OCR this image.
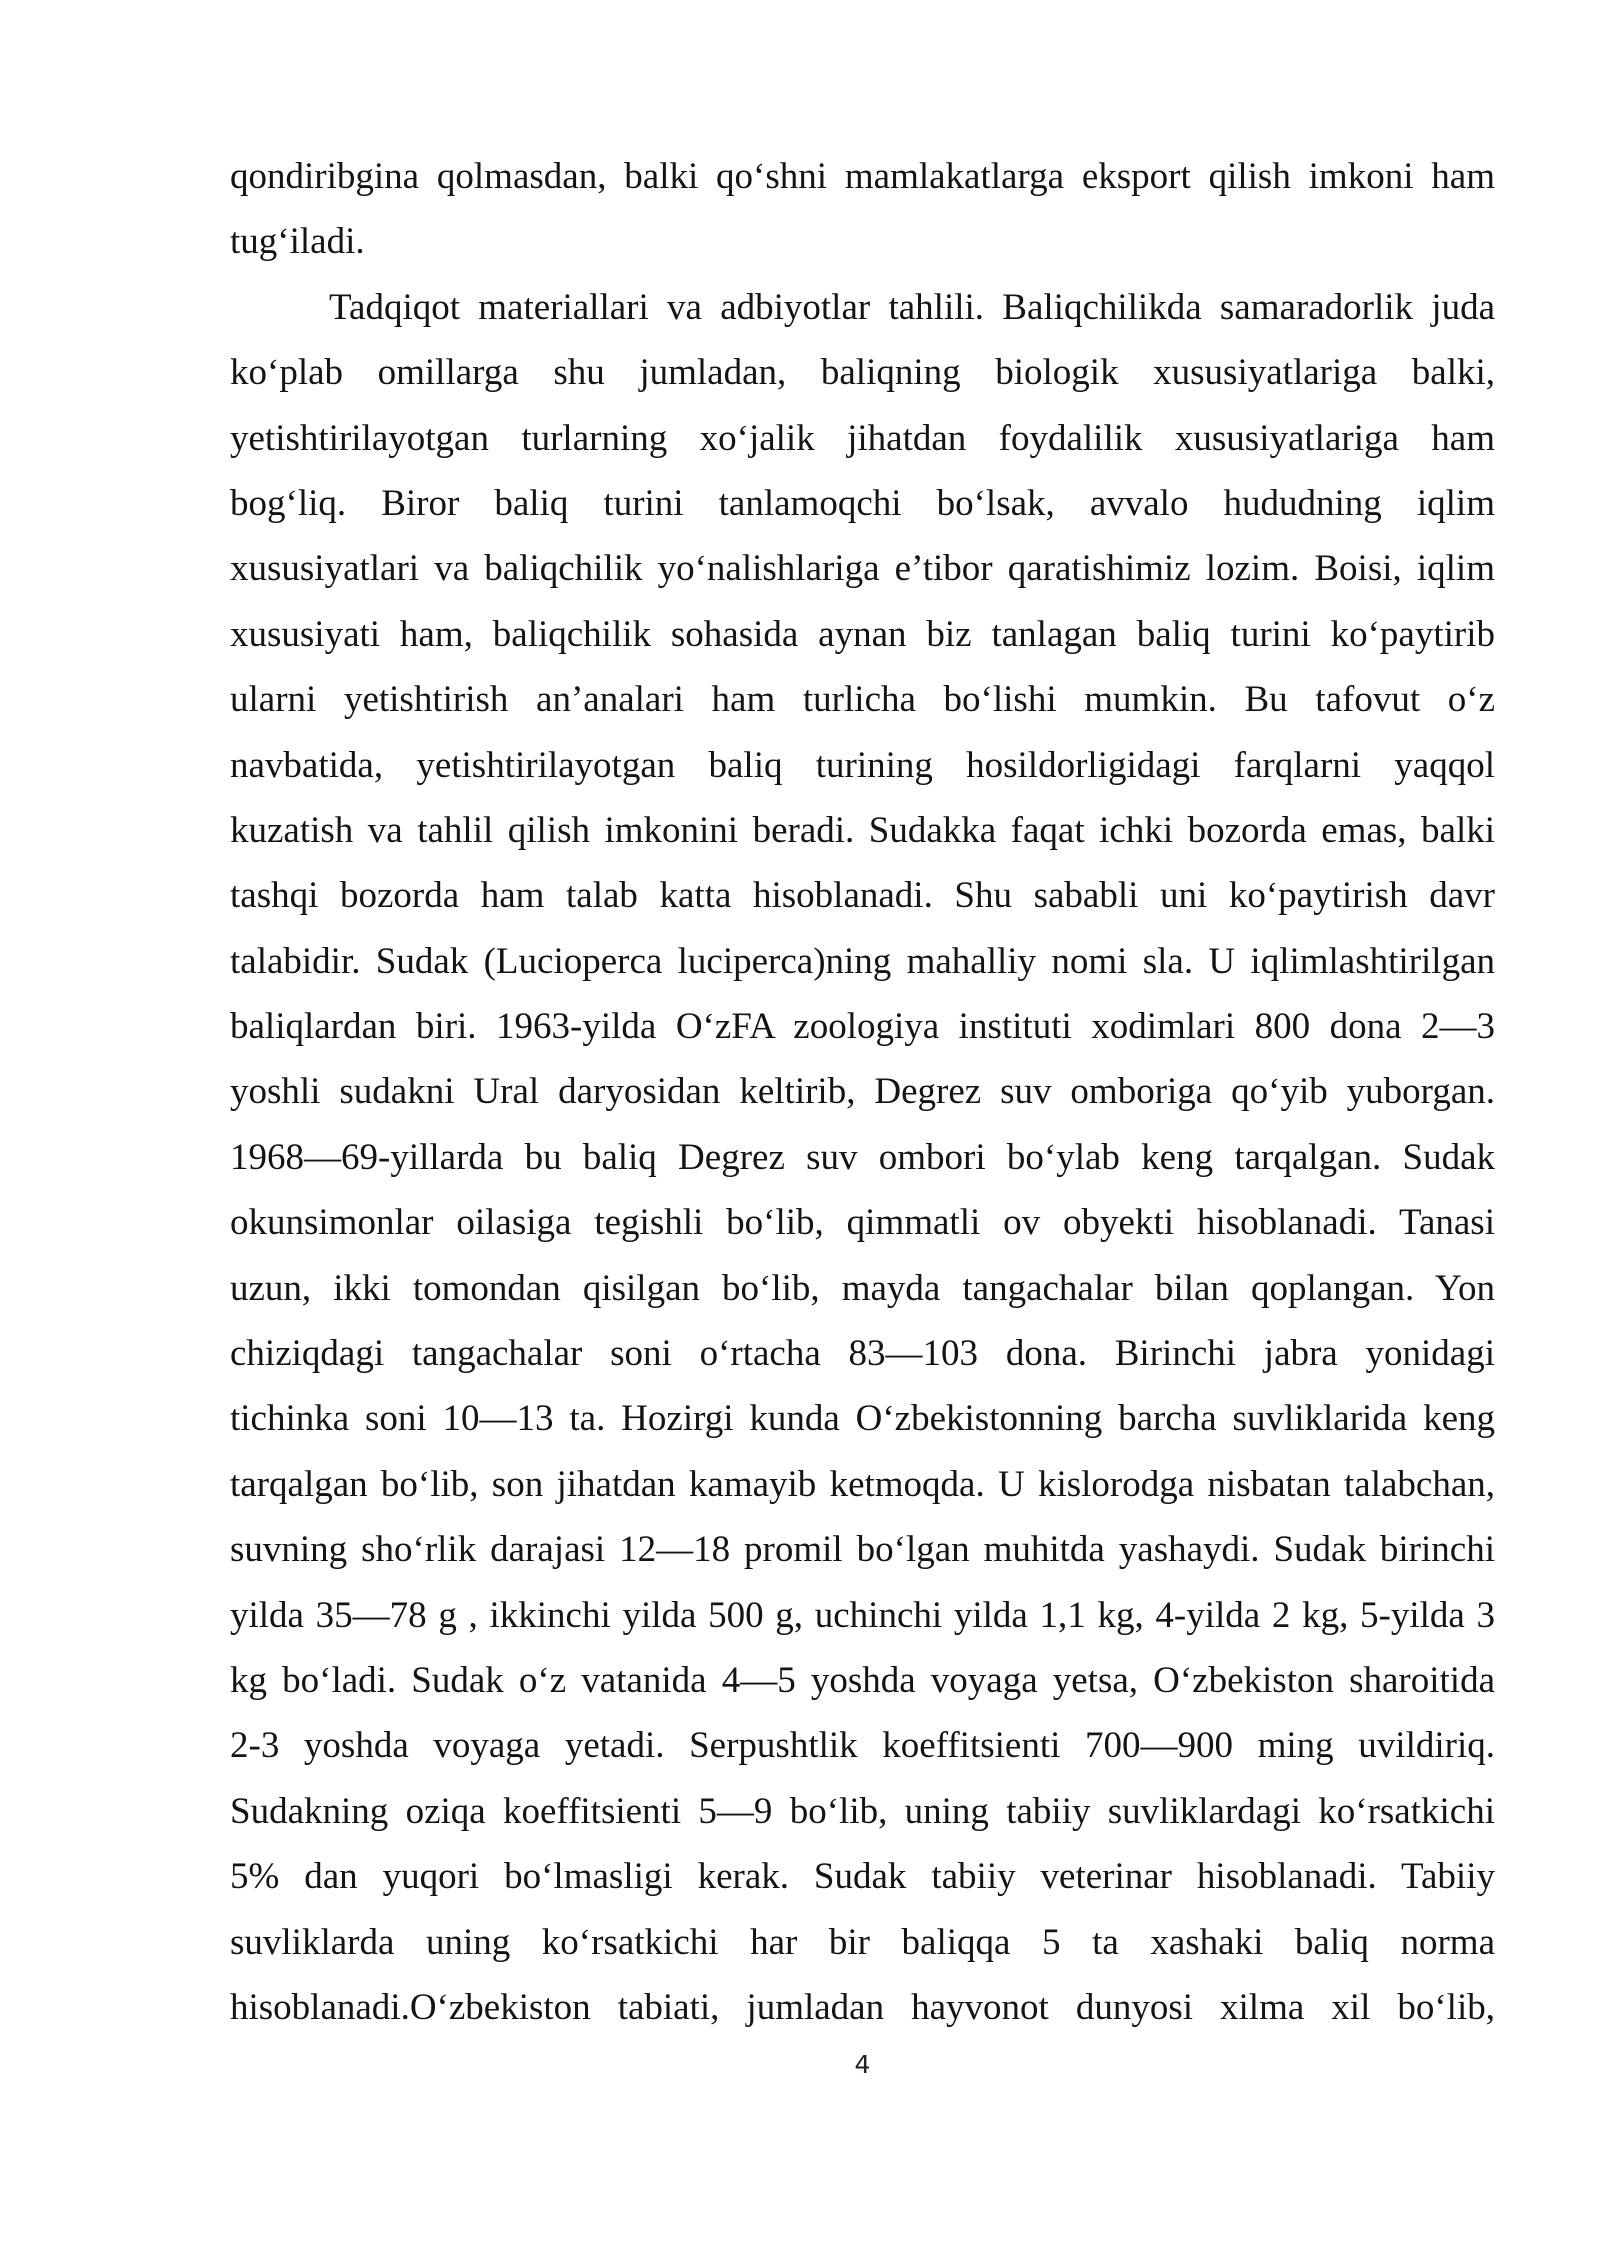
qondiribgina qolmasdan, balki qo‘shni mamlakatlarga eksport qilish imkoni ham
tug‘iladi.
Tadqiqot materiallari va adbiyotlar tahlili. Baliqchilikda samaradorlik juda
ko‘plab omillarga shu jumladan, baliqning biologik xususiyatlariga balki,
yetishtirilayotgan turlarning xo‘jalik jihatdan foydalilik xususiyatlariga ham
bog‘liq. Biror baliq turini tanlamoqchi bo‘lsak, avvalo hududning iqlim
xususiyatlari va baliqchilik yo‘nalishlariga e’tibor qaratishimiz lozim. Boisi, iqlim
xususiyati ham, baliqchilik sohasida aynan biz tanlagan baliq turini ko‘paytirib
ularni yetishtirish an’analari ham turlicha bo‘lishi mumkin. Bu tafovut o‘z
navbatida, yetishtirilayotgan baliq turining hosildorligidagi farqlarni yaqqol
kuzatish va tahlil qilish imkonini beradi. Sudakka faqat ichki bozorda emas, balki
tashqi bozorda ham talab katta hisoblanadi. Shu sababli uni ko‘paytirish davr
talabidir. Sudak (Lucioperca luciperca)ning mahalliy nomi sla. U iqlimlashtirilgan
baliqlardan biri. 1963-yilda O‘zFA zoologiya instituti xodimlari 800 dona 2—3
yoshli sudakni Ural daryosidan keltirib, Degrez suv omboriga qo‘yib yuborgan.
1968—69-yillarda bu baliq Degrez suv ombori bo‘ylab keng tarqalgan. Sudak
okunsimonlar oilasiga tegishli bo‘lib, qimmatli ov obyekti hisoblanadi. Tanasi
uzun, ikki tomondan qisilgan bo‘lib, mayda tangachalar bilan qoplangan. Yon
chiziqdagi tangachalar soni o‘rtacha 83—103 dona. Birinchi jabra yonidagi
tichinka soni 10—13 ta. Hozirgi kunda O‘zbekistonning barcha suvliklarida keng
tarqalgan bo‘lib, son jihatdan kamayib ketmoqda. U kislorodga nisbatan talabchan,
suvning sho‘rlik darajasi 12—18 promil bo‘lgan muhitda yashaydi. Sudak birinchi
yilda 35—78 g , ikkinchi yilda 500 g, uchinchi yilda 1,1 kg, 4-yilda 2 kg, 5-yilda 3
kg bo‘ladi. Sudak o‘z vatanida 4—5 yoshda voyaga yetsa, O‘zbekiston sharoitida
2-3 yoshda voyaga yetadi. Serpushtlik koeffitsienti 700—900 ming uvildiriq.
Sudakning oziqa koeffitsienti 5—9 bo‘lib, uning tabiiy suvliklardagi ko‘rsatkichi
5% dan yuqori bo‘lmasligi kerak. Sudak tabiiy veterinar hisoblanadi. Tabiiy
suvliklarda uning ko‘rsatkichi har bir baliqqa 5 ta xashaki baliq norma
hisoblanadi.O‘zbekiston tabiati, jumladan hayvonot dunyosi xilma xil bo‘lib,
4
